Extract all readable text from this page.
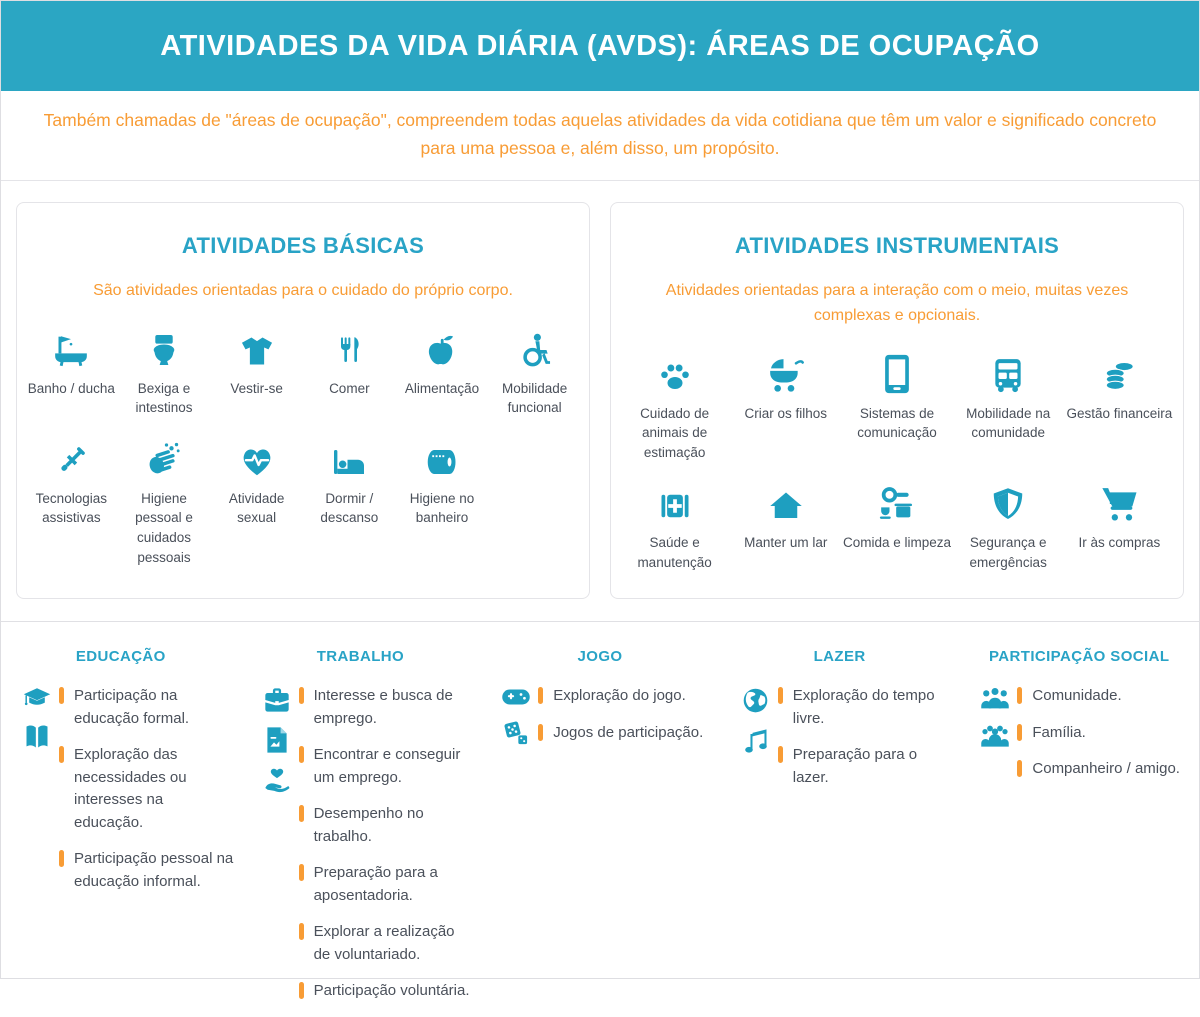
ATIVIDADES DA VIDA DIÁRIA (AVDS): ÁREAS DE OCUPAÇÃO

Também chamadas de "áreas de ocupação", compreendem todas aquelas atividades da vida cotidiana que têm um valor e significado concreto para uma pessoa e, além disso, um propósito.

ATIVIDADES BÁSICAS

São atividades orientadas para o cuidado do próprio corpo.

Banho / ducha	Bexiga e intestinos
Vestir-se	Comer	Alimentação	Mobilidade funcional
Tecnologias assistivas
Higiene pessoal e cuidados pessoais
Atividade sexual
Dormir / descanso
Higiene no banheiro
ATIVIDADES INSTRUMENTAIS

Atividades orientadas para a interação com o meio, muitas vezes complexas e opcionais.

Cuidado de animais de estimação
Criar os filhos	Sistemas de comunicação
Mobilidade na comunidade
Gestão financeira
Saúde e manutenção
Manter um lar Comida e limpeza	Segurança e emergências
Ir às compras
EDUCAÇÃO
Participação na educação formal.
Exploração das necessidades ou interesses na educação.
Participação pessoal na educação informal.
TRABALHO
Interesse e busca de emprego.
Encontrar e conseguir um emprego.
Desempenho no trabalho.
Preparação para a aposentadoria.
Explorar a realização de voluntariado.
Participação voluntária.
JOGO
Exploração do jogo.
Jogos de participação.
LAZER
Exploração do tempo livre.
Preparação para o lazer.
PARTICIPAÇÃO SOCIAL
Comunidade.
Família.
Companheiro / amigo.
